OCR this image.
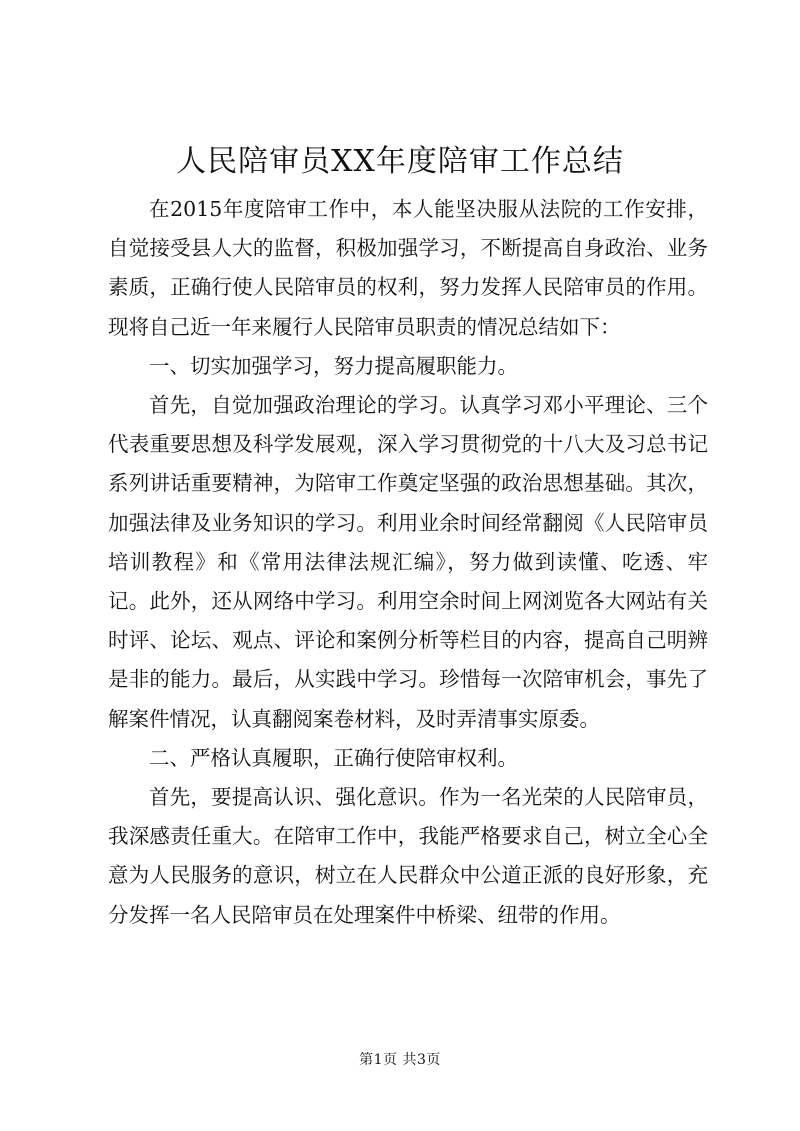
人民陪审员XX年度陪审工作总结

在2015年度陪审工作中，本人能坚决服从法院的工作安排，自觉接受县人大的监督，积极加强学习，不断提高自身政治、业务素质，正确行使人民陪审员的权利，努力发挥人民陪审员的作用。现将自己近一年来履行人民陪审员职责的情况总结如下：

一、切实加强学习，努力提高履职能力。

首先，自觉加强政治理论的学习。认真学习邓小平理论、三个代表重要思想及科学发展观，深入学习贯彻党的十八大及习总书记系列讲话重要精神，为陪审工作奠定坚强的政治思想基础。其次，加强法律及业务知识的学习。利用业余时间经常翻阅《人民陪审员培训教程》和《常用法律法规汇编》，努力做到读懂、吃透、牢记。此外，还从网络中学习。利用空余时间上网浏览各大网站有关时评、论坛、观点、评论和案例分析等栏目的内容，提高自己明辨是非的能力。最后，从实践中学习。珍惜每一次陪审机会，事先了解案件情况，认真翻阅案卷材料，及时弄清事实原委。

二、严格认真履职，正确行使陪审权利。

首先，要提高认识、强化意识。作为一名光荣的人民陪审员，我深感责任重大。在陪审工作中，我能严格要求自己，树立全心全意为人民服务的意识，树立在人民群众中公道正派的良好形象，充分发挥一名人民陪审员在处理案件中桥梁、纽带的作用。

第1页 共3页
